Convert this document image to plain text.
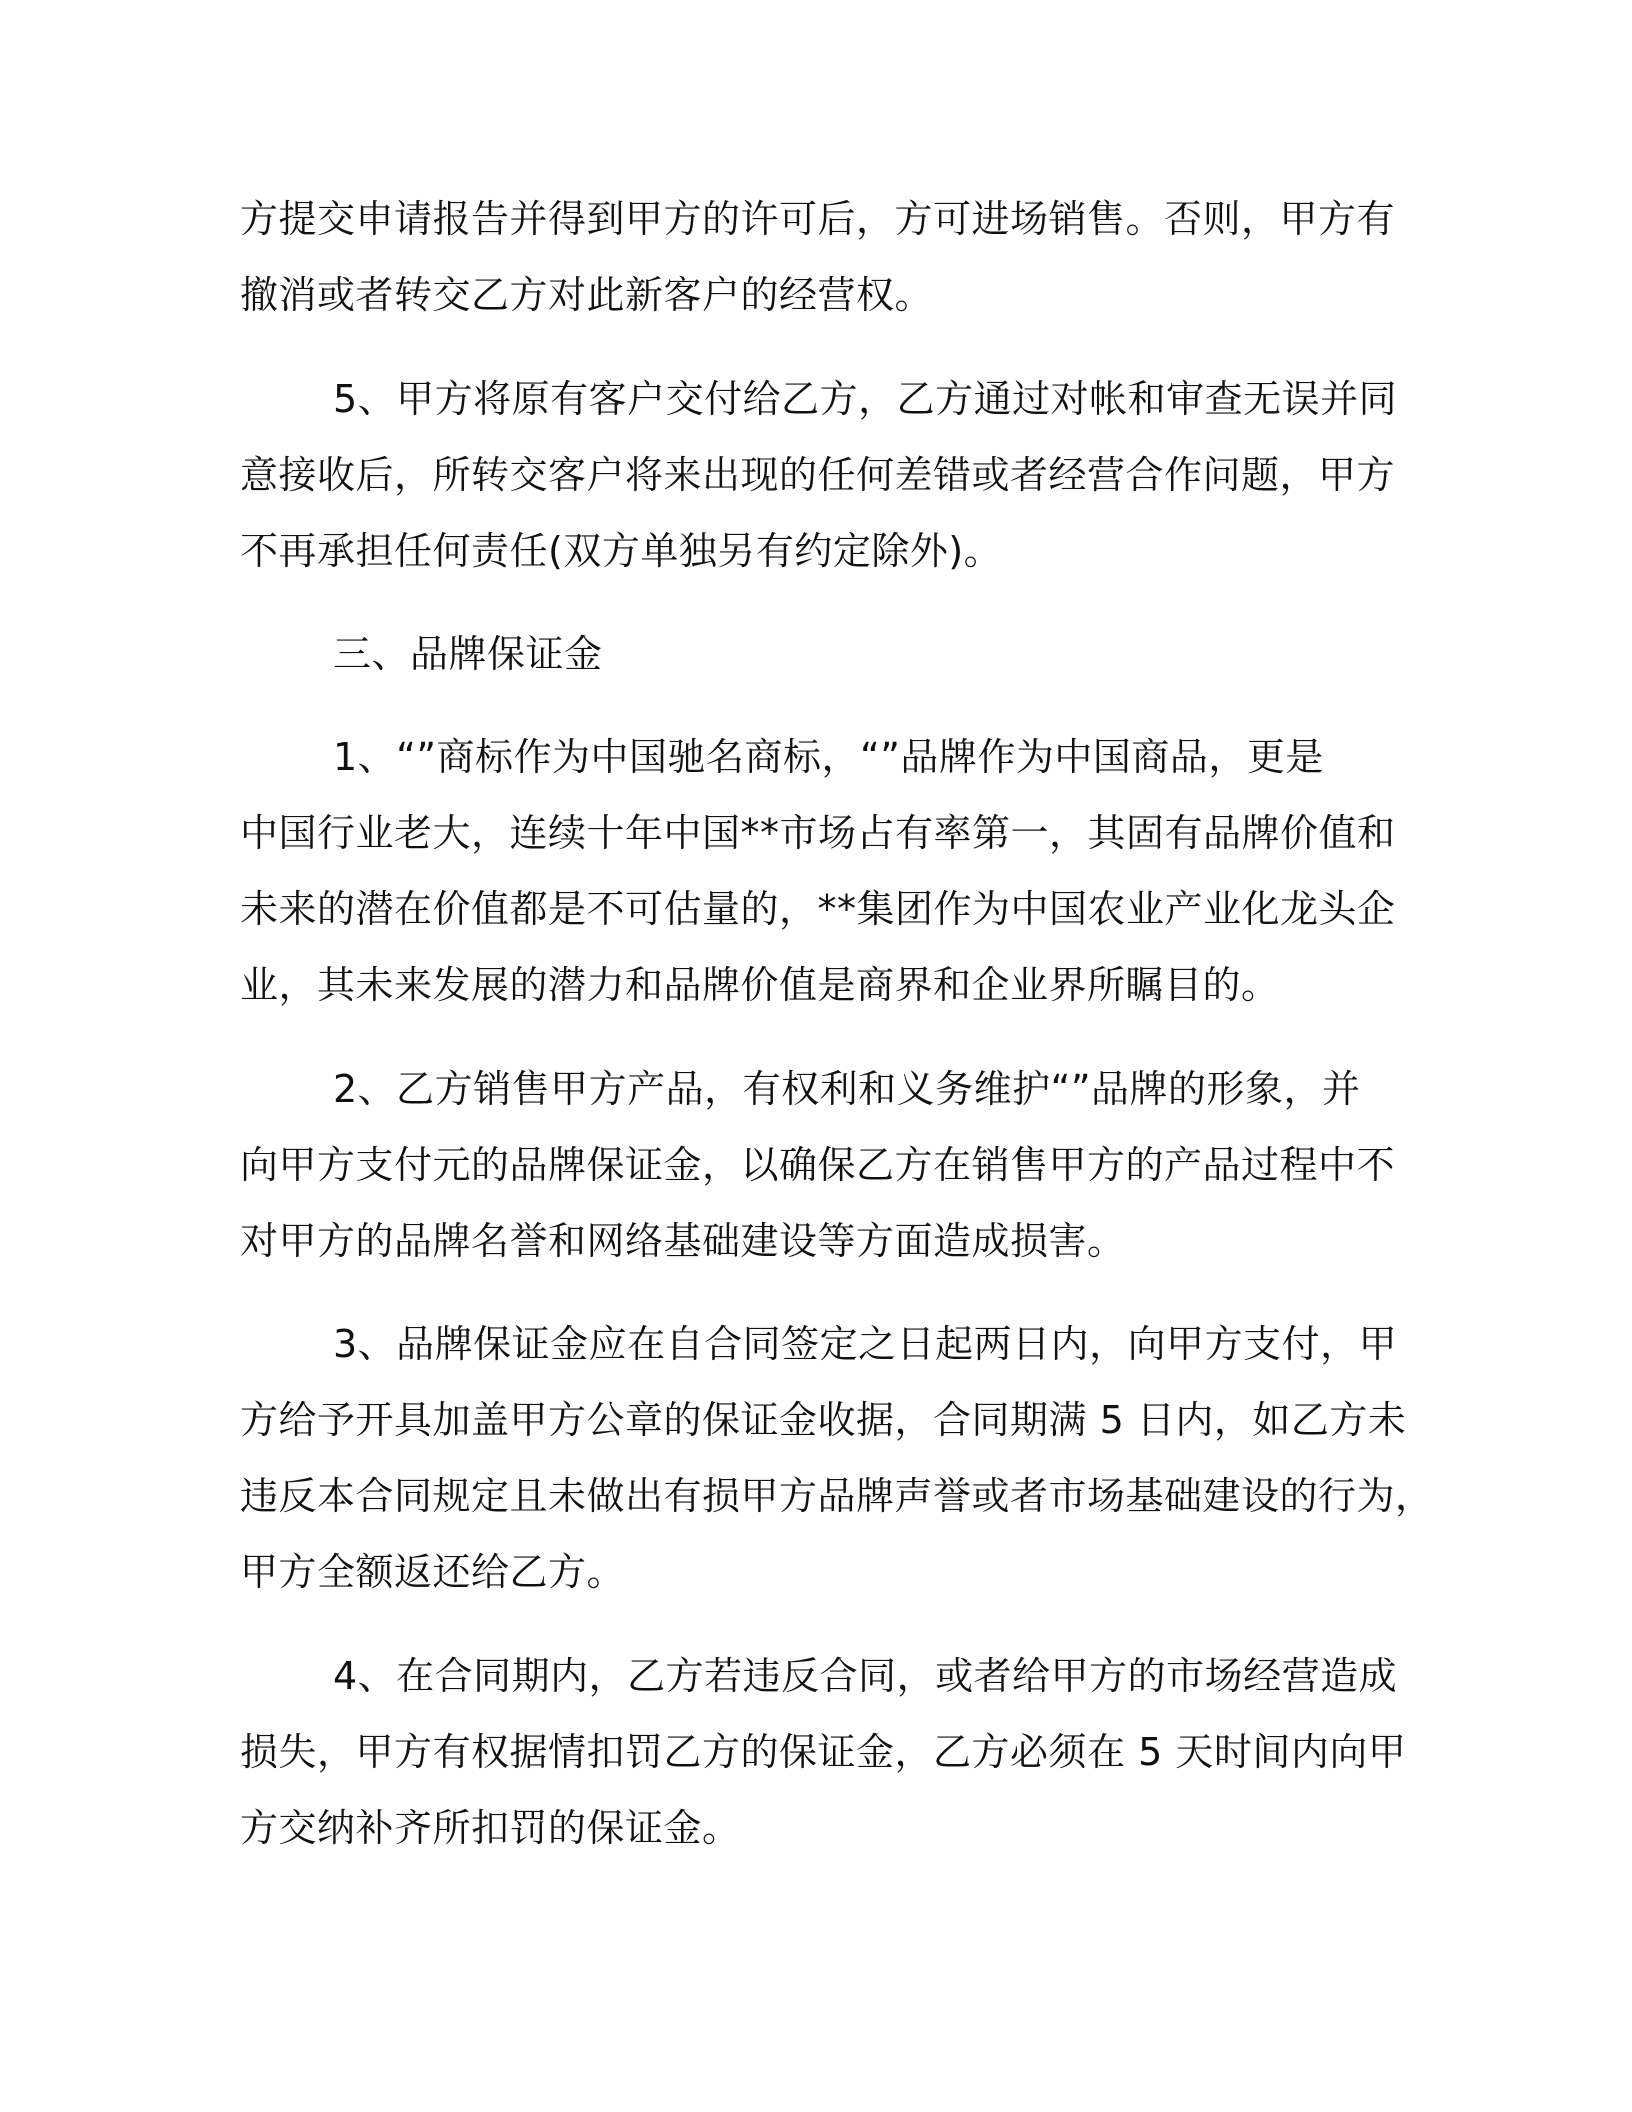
方提交申请报告并得到甲方的许可后，方可进场销售。否则，甲方有

撤消或者转交乙方对此新客户的经营权。

5、甲方将原有客户交付给乙方，乙方通过对帐和审查无误并同

意接收后，所转交客户将来出现的任何差错或者经营合作问题，甲方

不再承担任何责任(双方单独另有约定除外)。

三、品牌保证金

1、“”商标作为中国驰名商标，“”品牌作为中国商品，更是

中国行业老大，连续十年中国**市场占有率第一，其固有品牌价值和

未来的潜在价值都是不可估量的，**集团作为中国农业产业化龙头企

业，其未来发展的潜力和品牌价值是商界和企业界所瞩目的。

2、乙方销售甲方产品，有权利和义务维护“”品牌的形象，并

向甲方支付元的品牌保证金，以确保乙方在销售甲方的产品过程中不

对甲方的品牌名誉和网络基础建设等方面造成损害。

3、品牌保证金应在自合同签定之日起两日内，向甲方支付，甲

方给予开具加盖甲方公章的保证金收据，合同期满 5 日内，如乙方未

违反本合同规定且未做出有损甲方品牌声誉或者市场基础建设的行为，

甲方全额返还给乙方。

4、在合同期内，乙方若违反合同，或者给甲方的市场经营造成

损失，甲方有权据情扣罚乙方的保证金，乙方必须在 5 天时间内向甲

方交纳补齐所扣罚的保证金。
